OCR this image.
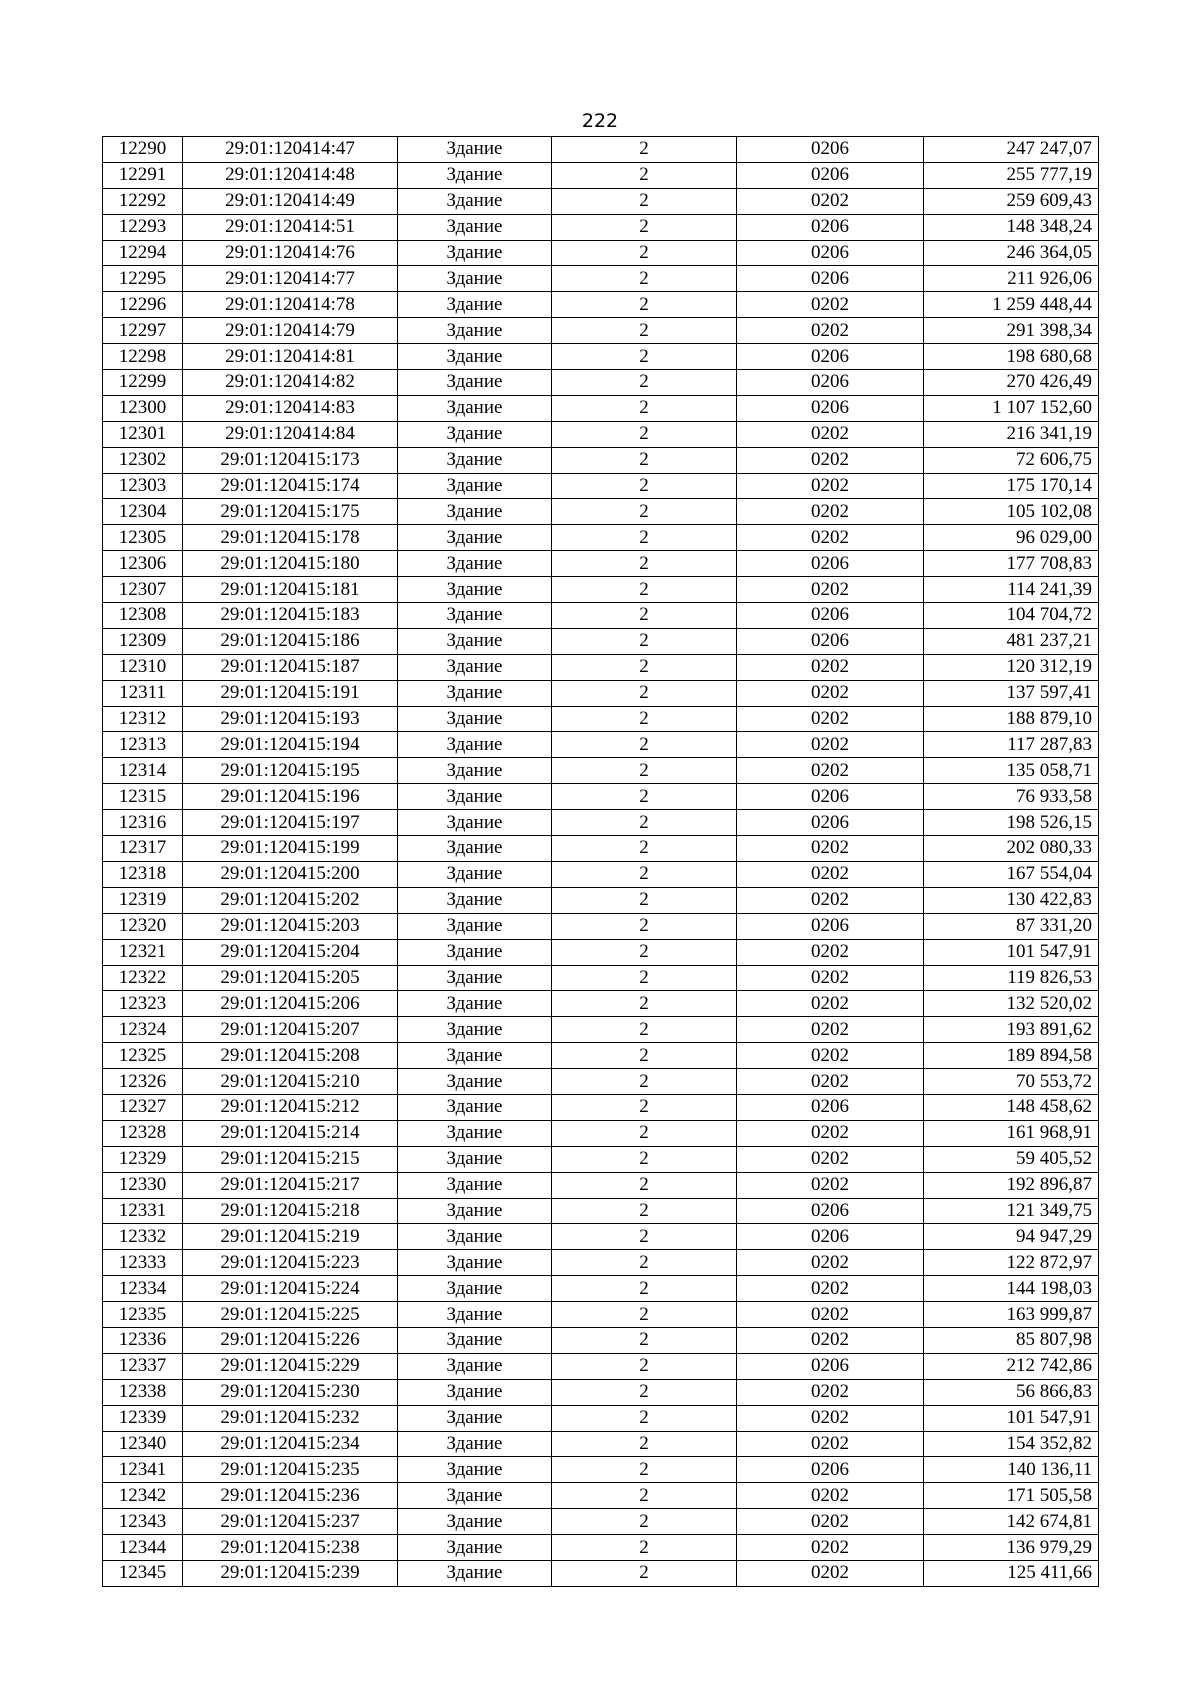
222
12290	29:01:120414:47	Здание	2	0206	247 247,07
12291	29:01:120414:48	Здание	2	0206	255 777,19
12292	29:01:120414:49	Здание	2	0202	259 609,43
12293	29:01:120414:51	Здание	2	0206	148 348,24
12294	29:01:120414:76	Здание	2	0206	246 364,05
12295	29:01:120414:77	Здание	2	0206	211 926,06
12296	29:01:120414:78	Здание	2	0202	1 259 448,44
12297	29:01:120414:79	Здание	2	0202	291 398,34
12298	29:01:120414:81	Здание	2	0206	198 680,68
12299	29:01:120414:82	Здание	2	0206	270 426,49
12300	29:01:120414:83	Здание	2	0206	1 107 152,60
12301	29:01:120414:84	Здание	2	0202	216 341,19
12302	29:01:120415:173	Здание	2	0202	72 606,75
12303	29:01:120415:174	Здание	2	0202	175 170,14
12304	29:01:120415:175	Здание	2	0202	105 102,08
12305	29:01:120415:178	Здание	2	0202	96 029,00
12306	29:01:120415:180	Здание	2	0206	177 708,83
12307	29:01:120415:181	Здание	2	0202	114 241,39
12308	29:01:120415:183	Здание	2	0206	104 704,72
12309	29:01:120415:186	Здание	2	0206	481 237,21
12310	29:01:120415:187	Здание	2	0202	120 312,19
12311	29:01:120415:191	Здание	2	0202	137 597,41
12312	29:01:120415:193	Здание	2	0202	188 879,10
12313	29:01:120415:194	Здание	2	0202	117 287,83
12314	29:01:120415:195	Здание	2	0202	135 058,71
12315	29:01:120415:196	Здание	2	0206	76 933,58
12316	29:01:120415:197	Здание	2	0206	198 526,15
12317	29:01:120415:199	Здание	2	0202	202 080,33
12318	29:01:120415:200	Здание	2	0202	167 554,04
12319	29:01:120415:202	Здание	2	0202	130 422,83
12320	29:01:120415:203	Здание	2	0206	87 331,20
12321	29:01:120415:204	Здание	2	0202	101 547,91
12322	29:01:120415:205	Здание	2	0202	119 826,53
12323	29:01:120415:206	Здание	2	0202	132 520,02
12324	29:01:120415:207	Здание	2	0202	193 891,62
12325	29:01:120415:208	Здание	2	0202	189 894,58
12326	29:01:120415:210	Здание	2	0202	70 553,72
12327	29:01:120415:212	Здание	2	0206	148 458,62
12328	29:01:120415:214	Здание	2	0202	161 968,91
12329	29:01:120415:215	Здание	2	0202	59 405,52
12330	29:01:120415:217	Здание	2	0202	192 896,87
12331	29:01:120415:218	Здание	2	0206	121 349,75
12332	29:01:120415:219	Здание	2	0206	94 947,29
12333	29:01:120415:223	Здание	2	0202	122 872,97
12334	29:01:120415:224	Здание	2	0202	144 198,03
12335	29:01:120415:225	Здание	2	0202	163 999,87
12336	29:01:120415:226	Здание	2	0202	85 807,98
12337	29:01:120415:229	Здание	2	0206	212 742,86
12338	29:01:120415:230	Здание	2	0202	56 866,83
12339	29:01:120415:232	Здание	2	0202	101 547,91
12340	29:01:120415:234	Здание	2	0202	154 352,82
12341	29:01:120415:235	Здание	2	0206	140 136,11
12342	29:01:120415:236	Здание	2	0202	171 505,58
12343	29:01:120415:237	Здание	2	0202	142 674,81
12344	29:01:120415:238	Здание	2	0202	136 979,29
12345	29:01:120415:239	Здание	2	0202	125 411,66
